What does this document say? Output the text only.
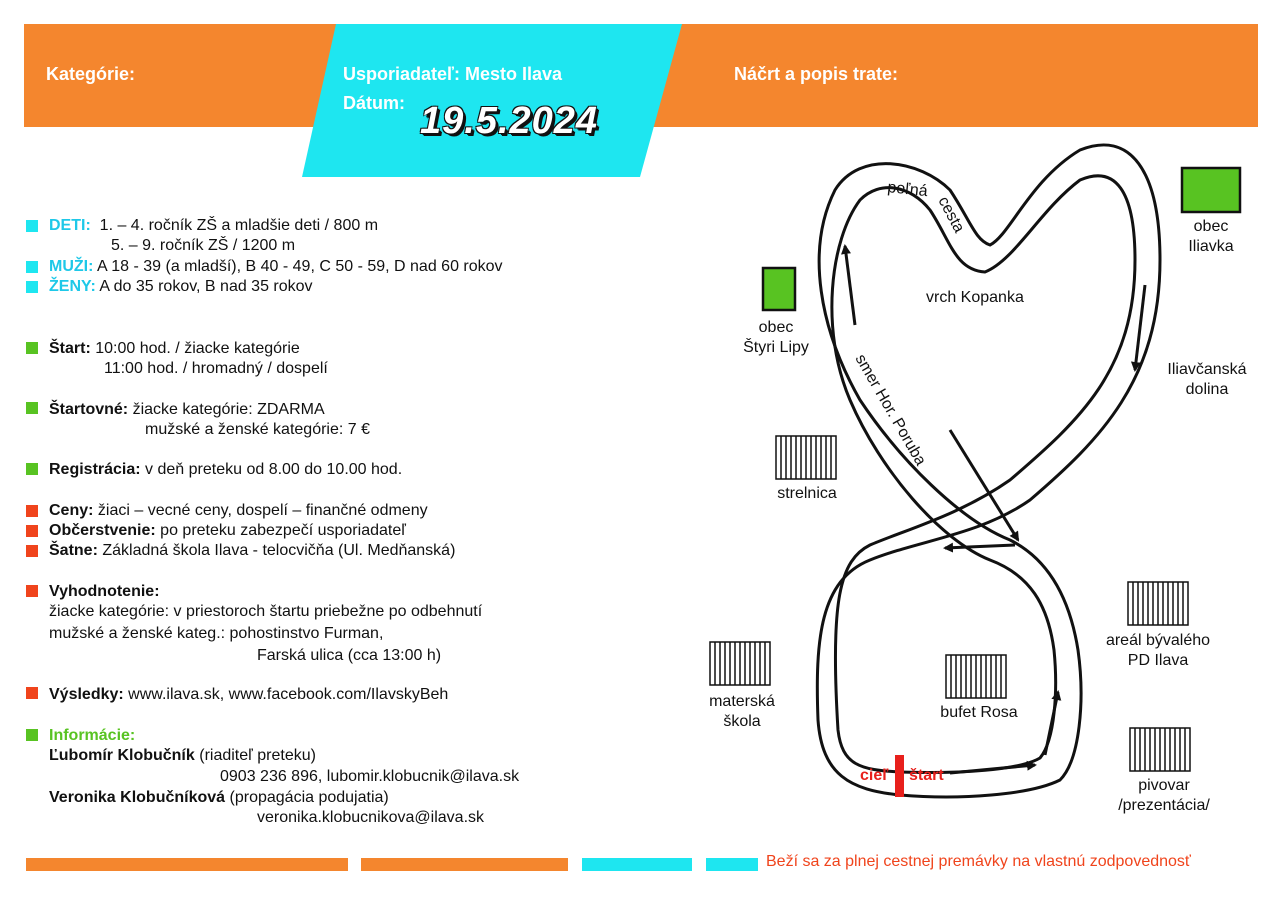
Kategórie:	Usporiadateľ: Mesto Ilava
Dátum: 19.5.2024
Náčrt a popis trate:
DETI: 1. – 4. ročník ZŠ a mladšie deti / 800 m
5. – 9. ročník ZŠ / 1200 m
MUŽI: A 18 - 39 (a mladší), B 40 - 49, C 50 - 59, D nad 60 rokov
ŽENY: A do 35 rokov, B nad 35 rokov
Štart: 10:00 hod. / žiacke kategórie
11:00 hod. / hromadný / dospelí
Štartovné: žiacke kategórie: ZDARMA
mužské a ženské kategórie: 7 €
Registrácia: v deň preteku od 8.00 do 10.00 hod.
Ceny: žiaci – vecné ceny, dospelí – finančné odmeny
Občerstvenie: po preteku zabezpečí usporiadateľ
Šatne: Základná škola Ilava - telocvičňa (Ul. Medňanská)
Vyhodnotenie:
žiacke kategórie: v priestoroch štartu priebežne po odbehnutí
mužské a ženské kateg.: pohostinstvo Furman,
Farská ulica (cca 13:00 h)
Výsledky: www.ilava.sk, www.facebook.com/IlavskyBeh
Informácie:
Ľubomír Klobučník (riaditeľ preteku)
0903 236 896, lubomir.klobucnik@ilava.sk
Veronika Klobučníková (propagácia podujatia)
veronika.klobucnikova@ilava.sk
smer Hor. Poruba
poľná
cesta
vrch Kopanka
obec
Štyri Lipy
obec
Iliavka
Iliavčanská
dolina
strelnica
areál bývalého
PD Ilava
materská
škola
bufet Rosa
cieľ štart
pivovar
/prezentácia/
Beží sa za plnej cestnej premávky na vlastnú zodpovednosť
